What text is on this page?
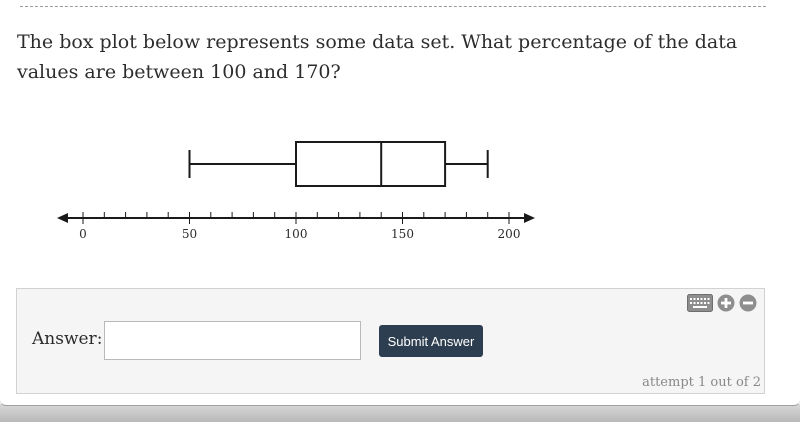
The box plot below represents some data set. What percentage of the data values are between 100 and 170?
0	50	100	150	200
Answer:	Submit Answer
attempt 1 out of 2
